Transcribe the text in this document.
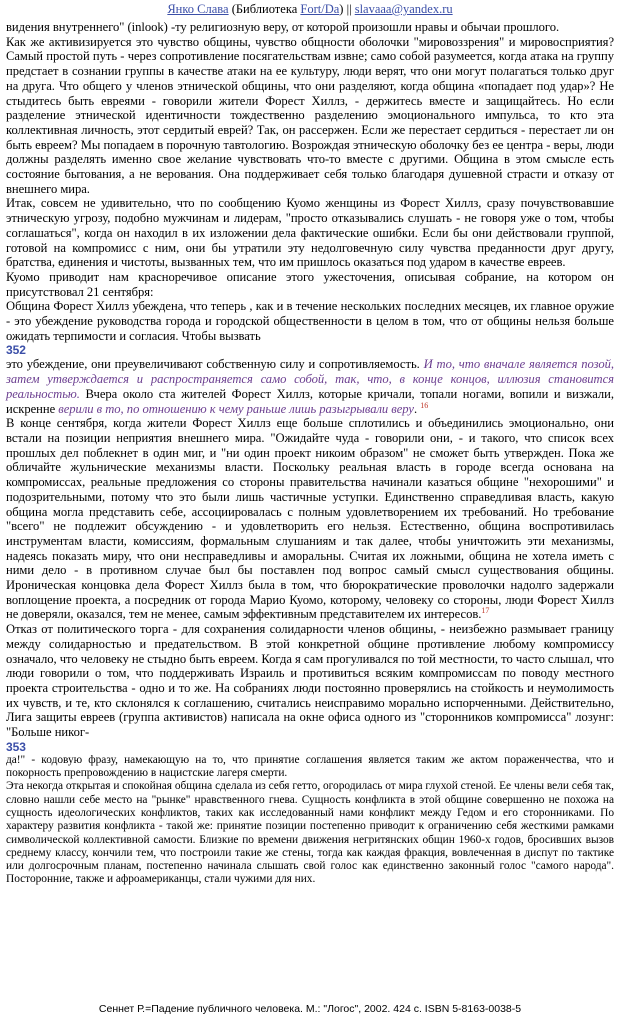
Янко Слава (Библиотека Fort/Da) || slavaaa@yandex.ru

видения внутреннего" (inlook) -ту религиозную веру, от которой произошли нравы и обычаи прошлого.

Как же активизируется это чувство общины, чувство общности оболочки "мировоззрения" и мировосприятия? Самый простой путь - через сопротивление посягательствам извне; само собой разумеется, когда атака на группу предстает в сознании группы в качестве атаки на ее культуру, люди верят, что они могут полагаться только друг на друга. Что общего у членов этнической общины, что они разделяют, когда община «попадает под удар»? Не стыдитесь быть евреями - говорили жители Форест Хиллз, - держитесь вместе и защищайтесь. Но если разделение этнической идентичности тождественно разделению эмоционального импульса, то кто эта коллективная личность, этот сердитый еврей? Так, он рассержен. Если же перестает сердиться - перестает ли он быть евреем? Мы попадаем в порочную тавтологию. Возрождая этническую оболочку без ее центра - веры, люди должны разделять именно свое желание чувствовать что-то вместе с другими. Община в этом смысле есть состояние бытования, а не верования. Она поддерживает себя только благодаря душевной страсти и отказу от внешнего мира.

Итак, совсем не удивительно, что по сообщению Куомо женщины из Форест Хиллз, сразу почувствовавшие этническую угрозу, подобно мужчинам и лидерам, "просто отказывались слушать - не говоря уже о том, чтобы соглашаться", когда он находил в их изложении дела фактические ошибки. Если бы они действовали группой, готовой на компромисс с ним, они бы утратили эту недолговечную силу чувства преданности друг другу, братства, единения и чистоты, вызванных тем, что им пришлось оказаться под ударом в качестве евреев.

Куомо приводит нам красноречивое описание этого ужесточения, описывая собрание, на котором он присутствовал 21 сентября:

Община Форест Хиллз убеждена, что теперь , как и в течение нескольких последних месяцев, их главное оружие - это убеждение руководства города и городской общественности в целом в том, что от общины нельзя больше ожидать терпимости и согласия. Чтобы вызвать

352

это убеждение, они преувеличивают собственную силу и сопротивляемость. И то, что вначале является позой, затем утверждается и распространяется само собой, так, что, в конце концов, иллюзия становится реальностью. Вчера около ста жителей Форест Хиллз, которые кричали, топали ногами, вопили и визжали, искренне верили в то, по отношению к чему раньше лишь разыгрывали веру. $^{16}$

В конце сентября, когда жители Форест Хиллз еще больше сплотились и объединились эмоционально, они встали на позиции неприятия внешнего мира. "Ожидайте чуда - говорили они, - и такого, что список всех прошлых дел поблекнет в один миг, и "ни один проект никоим образом" не сможет быть утвержден. Пока же обличайте жульнические механизмы власти. Поскольку реальная власть в городе всегда основана на компромиссах, реальные предложения со стороны правительства начинали казаться общине "нехорошими" и подозрительными, потому что это были лишь частичные уступки. Единственно справедливая власть, какую община могла представить себе, ассоциировалась с полным удовлетворением их требований. Но требование "всего" не подлежит обсуждению - и удовлетворить его нельзя. Естественно, община воспротивилась инструментам власти, комиссиям, формальным слушаниям и так далее, чтобы уничтожить эти механизмы, надеясь показать миру, что они несправедливы и аморальны. Считая их ложными, община не хотела иметь с ними дело - в противном случае был бы поставлен под вопрос самый смысл существования общины. Ироническая концовка дела Форест Хиллз была в том, что бюрократические проволочки надолго задержали воплощение проекта, а посредник от города Марио Куомо, которому, человеку со стороны, люди Форест Хиллз не доверяли, оказался, тем не менее, самым эффективным представителем их интересов.$^{17}$

Отказ от политического торга - для сохранения солидарности членов общины, - неизбежно размывает границу между солидарностью и предательством. В этой конкретной общине противление любому компромиссу означало, что человеку не стыдно быть евреем. Когда я сам прогуливался по той местности, то часто слышал, что люди говорили о том, что поддерживать Израиль и противиться всяким компромиссам по поводу местного проекта строительства - одно и то же. На собраниях люди постоянно проверялись на стойкость и неумолимость их чувств, и те, кто склонялся к соглашению, считались неисправимо морально испорченными. Действительно, Лига защиты евреев (группа активистов) написала на окне офиса одного из "сторонников компромисса" лозунг: "Больше никог-

353

да!" - кодовую фразу, намекающую на то, что принятие соглашения является таким же актом пораженчества, что и покорность препровождению в нацистские лагеря смерти.

Эта некогда открытая и спокойная община сделала из себя гетто, огородилась от мира глухой стеной. Ее члены вели себя так, словно нашли себе место на "рынке" нравственного гнева. Сущность конфликта в этой общине совершенно не похожа на сущность идеологических конфликтов, таких как исследованный нами конфликт между Гедом и его сторонниками. По характеру развития конфликта - такой же: принятие позиции постепенно приводит к ограничению себя жесткими рамками символической коллективной самости. Близкие по времени движения негритянских общин 1960-х годов, бросивших вызов среднему классу, кончили тем, что построили такие же стены, тогда как каждая фракция, вовлеченная в диспут по тактике или долгосрочным планам, постепенно начинала слышать свой голос как единственно законный голос "самого народа". Посторонние, также и афроамериканцы, стали чужими для них.

Сеннет Р.=Падение публичного человека. М.: "Логос", 2002. 424 с. ISBN 5-8163-0038-5
